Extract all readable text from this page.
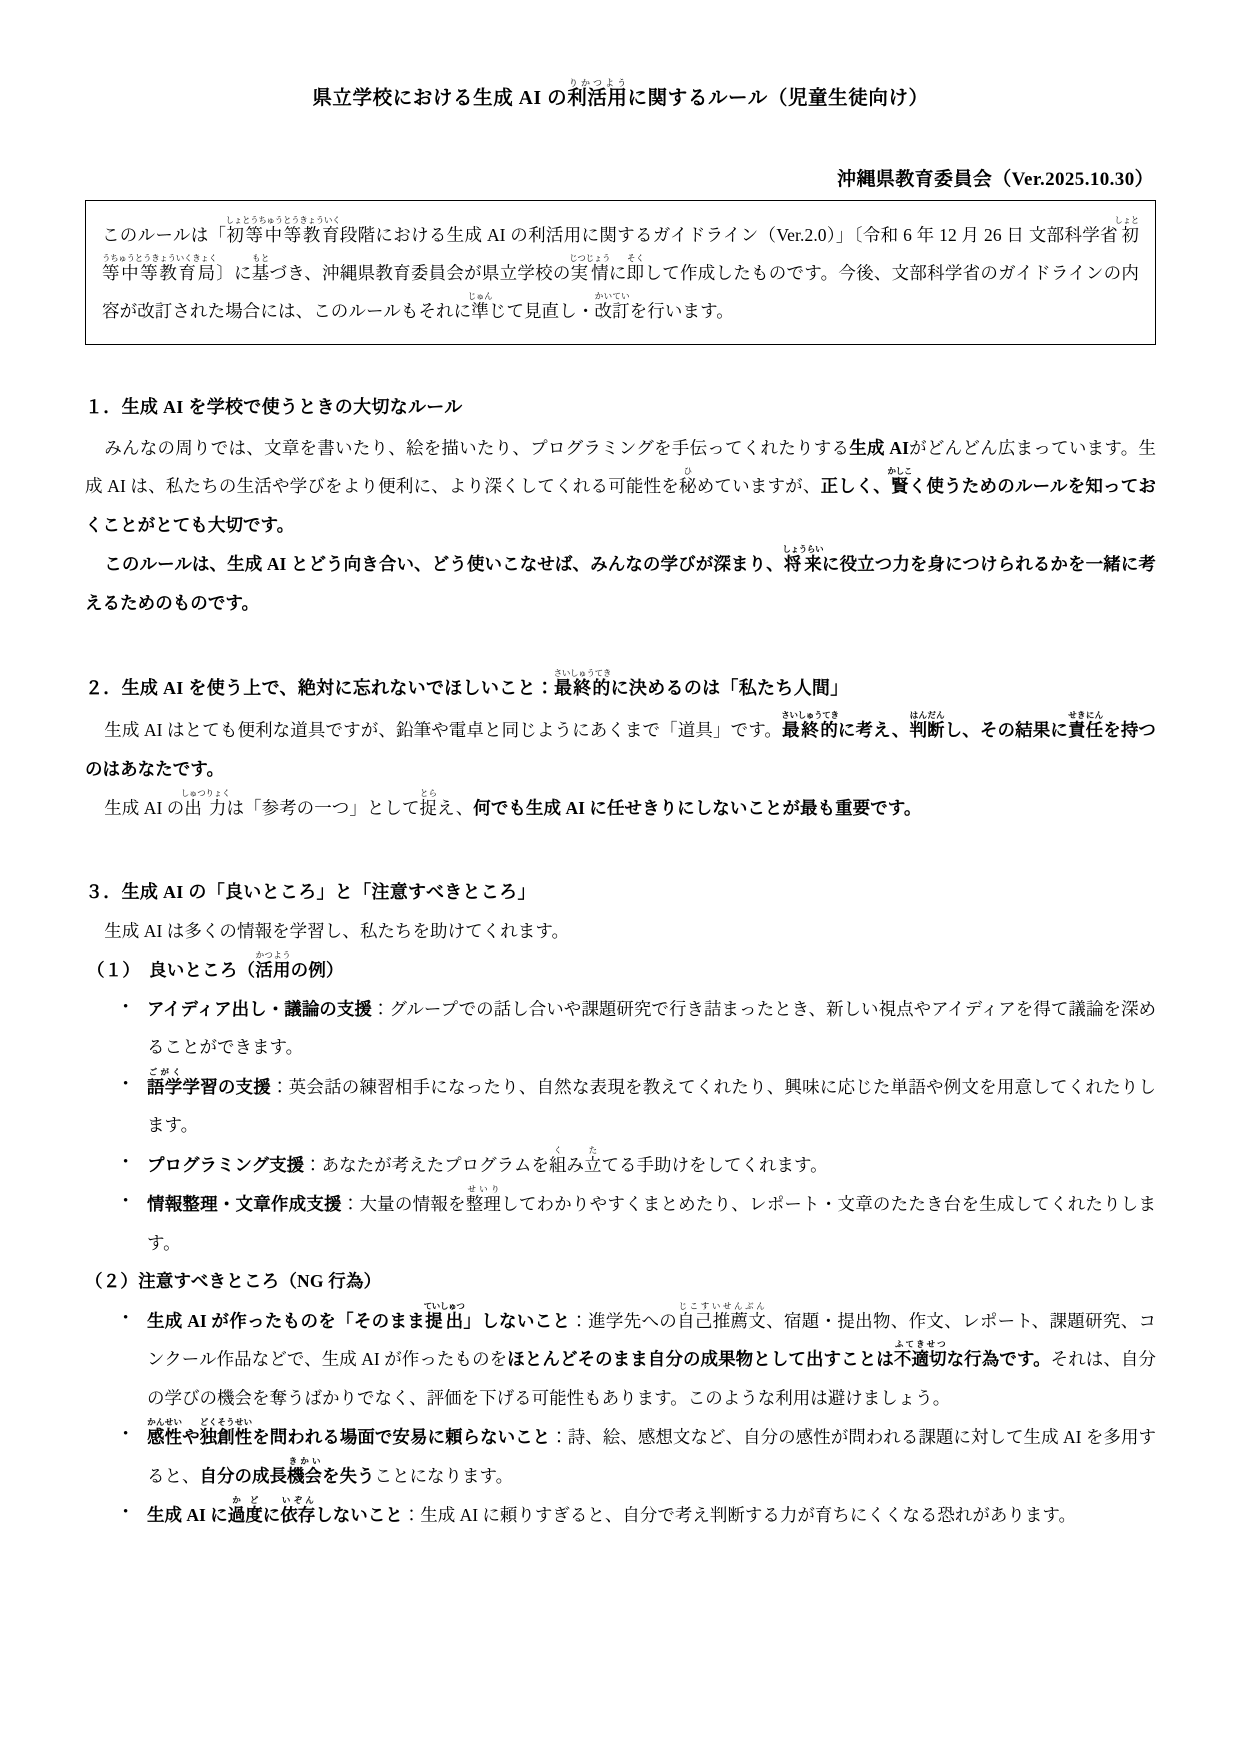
県立学校における生成 AI の利活用りかつように関するルール（児童生徒向け）
沖縄県教育委員会（Ver.2025.10.30）

このルールは「初等中等教育しょとうちゅうとうきょういく段階における生成 AI の利活用に関するガイドライン（Ver.2.0）」〔令和 6 年 12 月 26 日 文部科学省初等中等教育局しょとうちゅうとうきょういくきょく〕に基もとづき、沖縄県教育委員会が県立学校の実情じつじょうに即そくして作成したものです。今後、文部科学省のガイドラインの内容が改訂された場合には、このルールもそれに準じゅんじて見直し・改訂かいていを行います。

１．生成 AI を学校で使うときの大切なルール

みんなの周りでは、文章を書いたり、絵を描いたり、プログラミングを手伝ってくれたりする生成 AIがどんどん広まっています。生成 AI は、私たちの生活や学びをより便利に、より深くしてくれる可能性を秘ひめていますが、正しく、賢かしこく使うためのルールを知っておくことがとても大切です。

このルールは、生成 AI とどう向き合い、どう使いこなせば、みんなの学びが深まり、将来しょうらいに役立つ力を身につけられるかを一緒に考えるためのものです。

２．生成 AI を使う上で、絶対に忘れないでほしいこと：最終的さいしゅうてきに決めるのは「私たち人間」

生成 AI はとても便利な道具ですが、鉛筆や電卓と同じようにあくまで「道具」です。最終的さいしゅうてきに考え、判断はんだんし、その結果に責任せきにんを持つのはあなたです。

生成 AI の出力しゅつりょくは「参考の一つ」として捉とらえ、何でも生成 AI に任せきりにしないことが最も重要です。

３．生成 AI の「良いところ」と「注意すべきところ」

生成 AI は多くの情報を学習し、私たちを助けてくれます。

（１）　良いところ（活用かつようの例）
• アイディア出し・議論の支援：グループでの話し合いや課題研究で行き詰まったとき、新しい視点やアイディアを得て議論を深めることができます。
• 語学ごがく学習の支援：英会話の練習相手になったり、自然な表現を教えてくれたり、興味に応じた単語や例文を用意してくれたりします。
• プログラミング支援：あなたが考えたプログラムを組くみ立たてる手助けをしてくれます。
• 情報整理・文章作成支援：大量の情報を整理せいりしてわかりやすくまとめたり、レポート・文章のたたき台を生成してくれたりします。
（２）注意すべきところ（NG 行為）
• 生成 AI が作ったものを「そのまま提出ていしゅつ」しないこと：進学先への自己推薦文じこすいせんぶん、宿題・提出物、作文、レポート、課題研究、コンクール作品などで、生成 AI が作ったものをほとんどそのまま自分の成果物として出すことは不適切ふてきせつな行為です。それは、自分の学びの機会を奪うばかりでなく、評価を下げる可能性もあります。このような利用は避けましょう。
• 感性かんせいや独創性どくそうせいを問われる場面で安易に頼らないこと：詩、絵、感想文など、自分の感性が問われる課題に対して生成 AI を多用すると、自分の成長機会きかいを失うことになります。
• 生成 AI に過度かどに依存いぞんしないこと：生成 AI に頼りすぎると、自分で考え判断する力が育ちにくくなる恐れがあります。
